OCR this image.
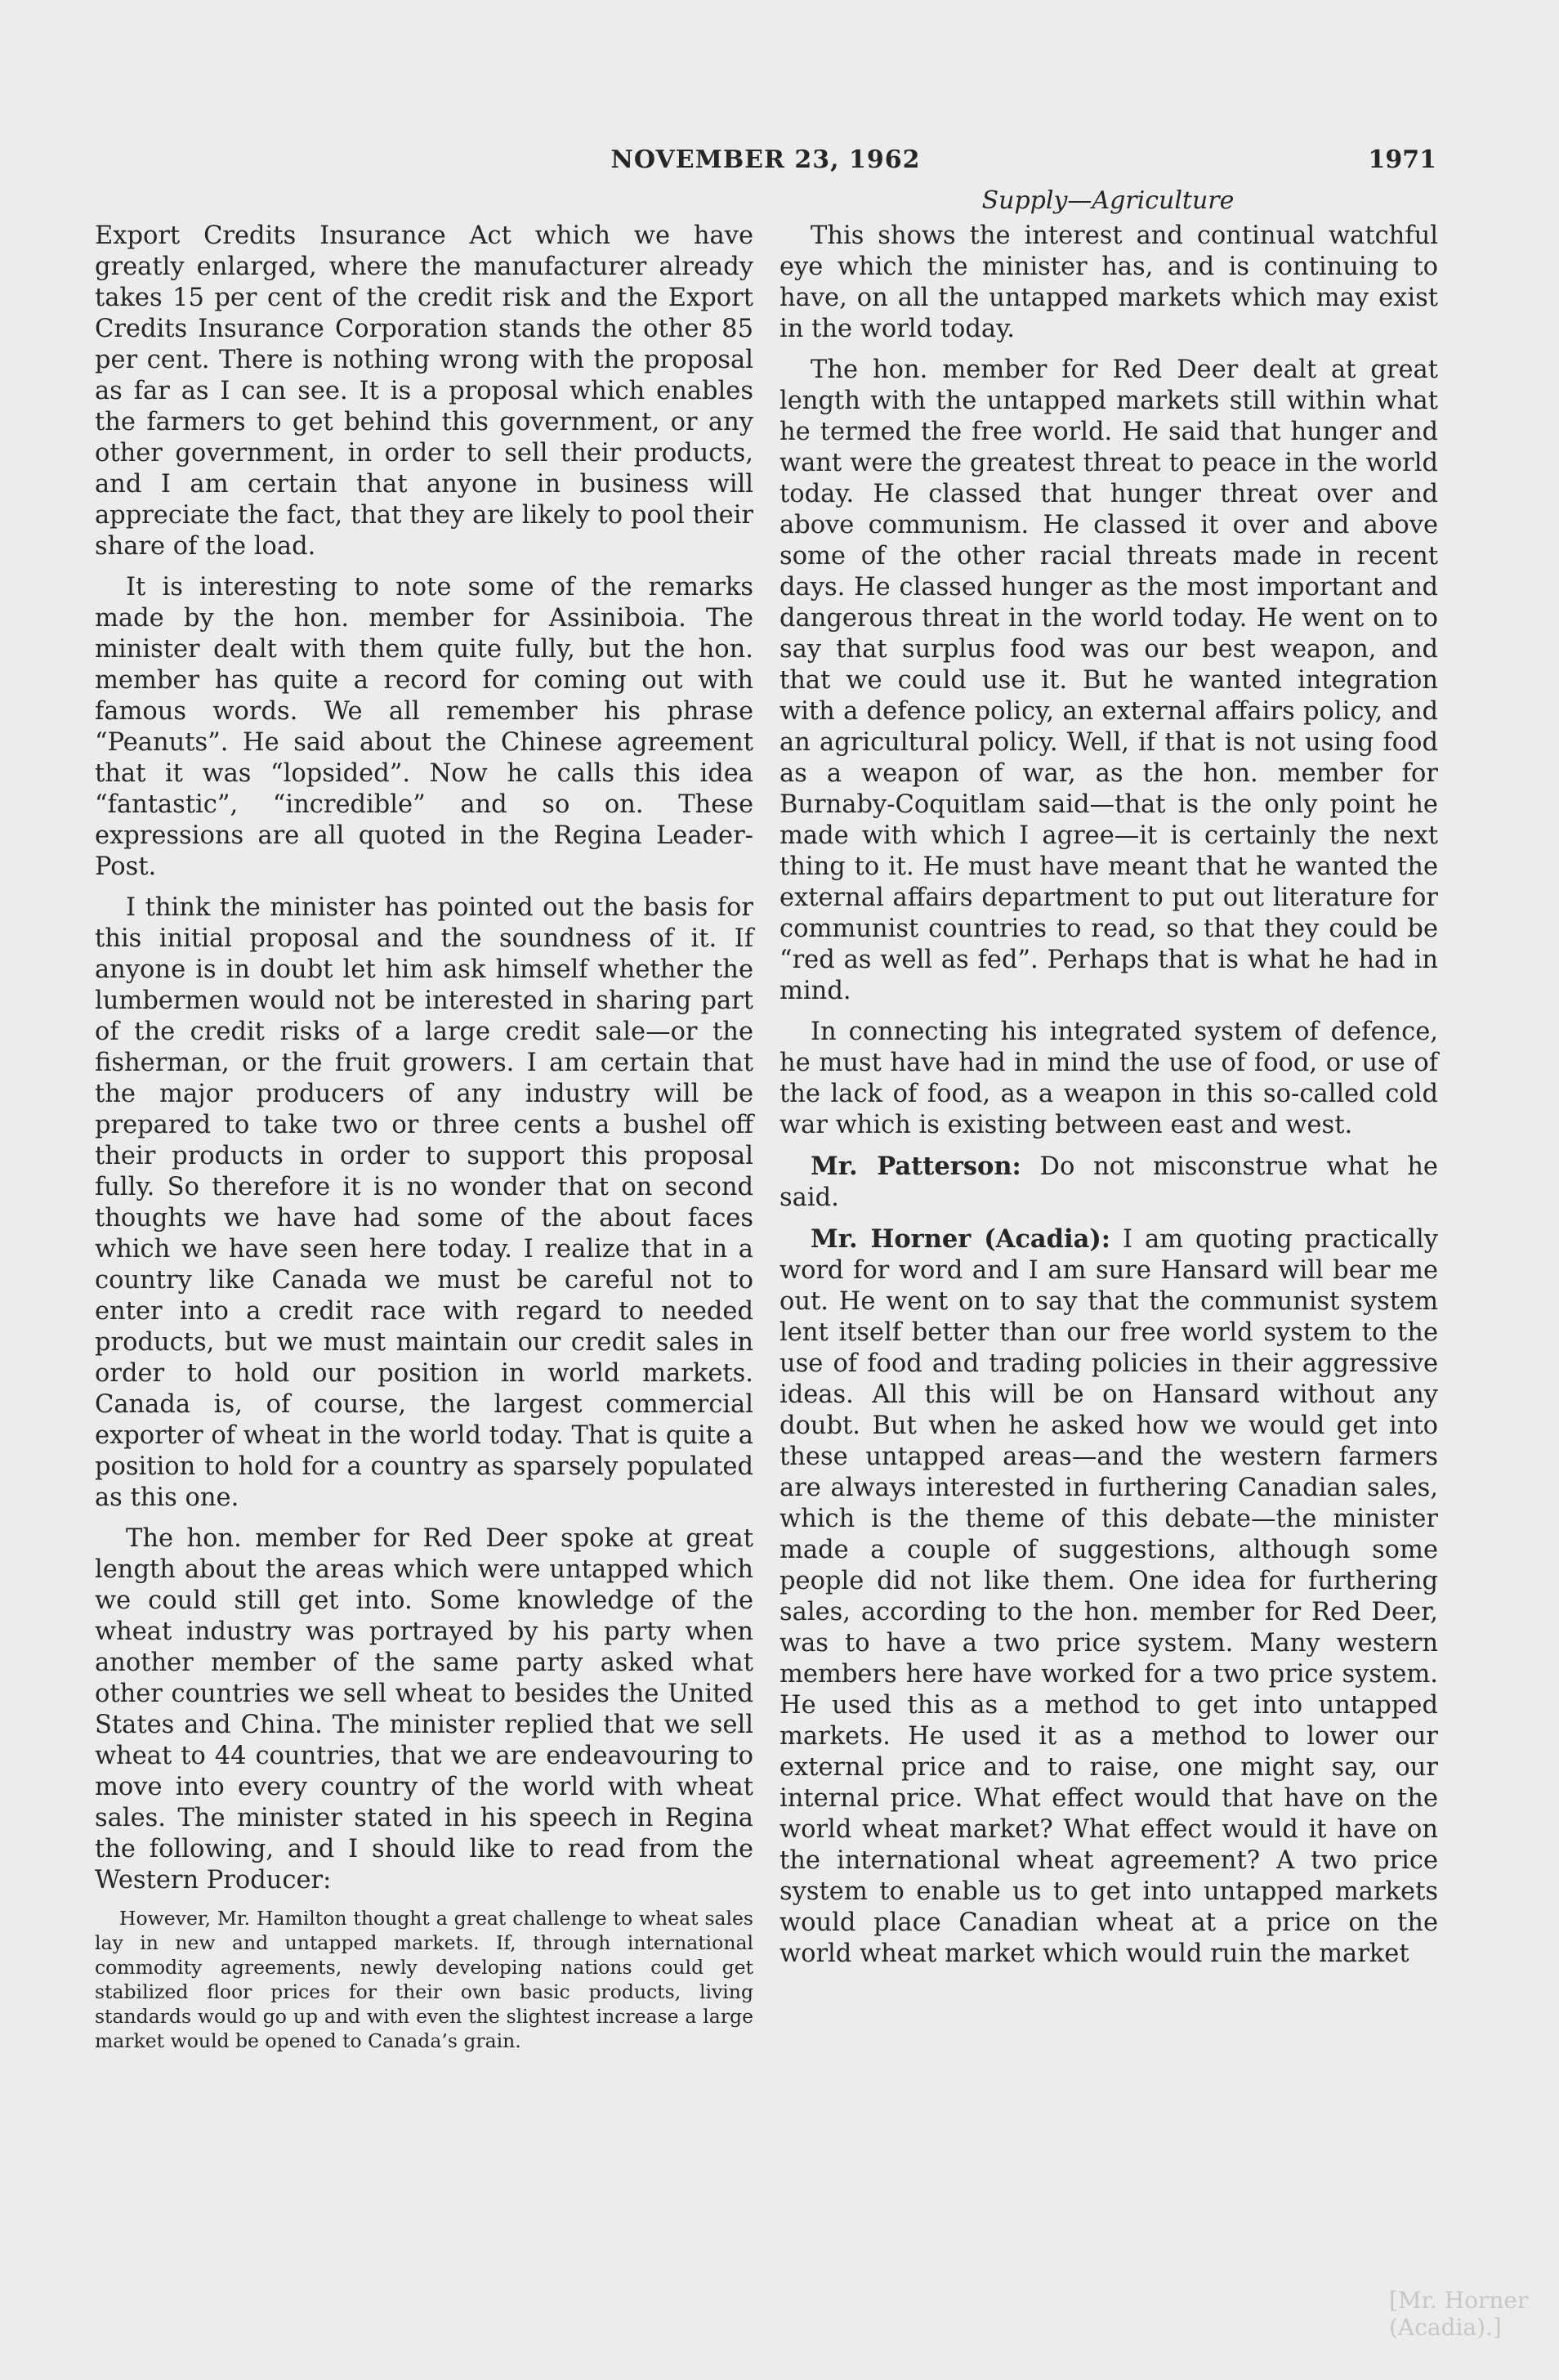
NOVEMBER 23, 1962	1971
Supply—Agriculture

Export Credits Insurance Act which we have greatly enlarged, where the manufacturer already takes 15 per cent of the credit risk and the Export Credits Insurance Corporation stands the other 85 per cent. There is nothing wrong with the proposal as far as I can see. It is a proposal which enables the farmers to get behind this government, or any other government, in order to sell their products, and I am certain that anyone in business will appreciate the fact, that they are likely to pool their share of the load.

It is interesting to note some of the remarks made by the hon. member for Assiniboia. The minister dealt with them quite fully, but the hon. member has quite a record for coming out with famous words. We all remember his phrase “Peanuts”. He said about the Chinese agreement that it was “lopsided”. Now he calls this idea “fantastic”, “incredible” and so on. These expressions are all quoted in the Regina Leader-Post.

I think the minister has pointed out the basis for this initial proposal and the soundness of it. If anyone is in doubt let him ask himself whether the lumbermen would not be interested in sharing part of the credit risks of a large credit sale—or the fisherman, or the fruit growers. I am certain that the major producers of any industry will be prepared to take two or three cents a bushel off their products in order to support this proposal fully. So therefore it is no wonder that on second thoughts we have had some of the about faces which we have seen here today. I realize that in a country like Canada we must be careful not to enter into a credit race with regard to needed products, but we must maintain our credit sales in order to hold our position in world markets. Canada is, of course, the largest commercial exporter of wheat in the world today. That is quite a position to hold for a country as sparsely populated as this one.

The hon. member for Red Deer spoke at great length about the areas which were untapped which we could still get into. Some knowledge of the wheat industry was portrayed by his party when another member of the same party asked what other countries we sell wheat to besides the United States and China. The minister replied that we sell wheat to 44 countries, that we are endeavouring to move into every country of the world with wheat sales. The minister stated in his speech in Regina the following, and I should like to read from the Western Producer:

However, Mr. Hamilton thought a great challenge to wheat sales lay in new and untapped markets. If, through international commodity agreements, newly developing nations could get stabilized floor prices for their own basic products, living standards would go up and with even the slightest increase a large market would be opened to Canada’s grain.

This shows the interest and continual watchful eye which the minister has, and is continuing to have, on all the untapped markets which may exist in the world today.

The hon. member for Red Deer dealt at great length with the untapped markets still within what he termed the free world. He said that hunger and want were the greatest threat to peace in the world today. He classed that hunger threat over and above communism. He classed it over and above some of the other racial threats made in recent days. He classed hunger as the most important and dangerous threat in the world today. He went on to say that surplus food was our best weapon, and that we could use it. But he wanted integration with a defence policy, an external affairs policy, and an agricultural policy. Well, if that is not using food as a weapon of war, as the hon. member for Burnaby-Coquitlam said—that is the only point he made with which I agree—it is certainly the next thing to it. He must have meant that he wanted the external affairs department to put out literature for communist countries to read, so that they could be “red as well as fed”. Perhaps that is what he had in mind.

In connecting his integrated system of defence, he must have had in mind the use of food, or use of the lack of food, as a weapon in this so-called cold war which is existing between east and west.

Mr. Patterson: Do not misconstrue what he said.

Mr. Horner (Acadia): I am quoting practically word for word and I am sure Hansard will bear me out. He went on to say that the communist system lent itself better than our free world system to the use of food and trading policies in their aggressive ideas. All this will be on Hansard without any doubt. But when he asked how we would get into these untapped areas—and the western farmers are always interested in furthering Canadian sales, which is the theme of this debate—the minister made a couple of suggestions, although some people did not like them. One idea for furthering sales, according to the hon. member for Red Deer, was to have a two price system. Many western members here have worked for a two price system. He used this as a method to get into untapped markets. He used it as a method to lower our external price and to raise, one might say, our internal price. What effect would that have on the world wheat market? What effect would it have on the international wheat agreement? A two price system to enable us to get into untapped markets would place Canadian wheat at a price on the world wheat market which would ruin the market

[Mr. Horner (Acadia).]
